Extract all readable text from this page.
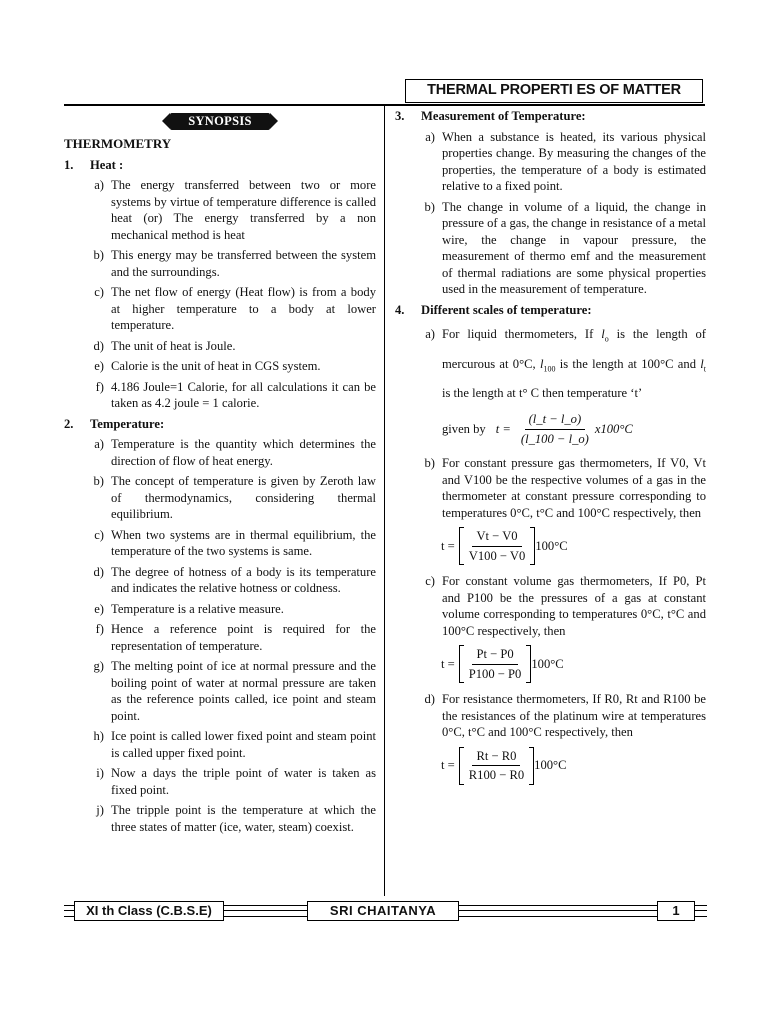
THERMAL PROPERTI ES OF MATTER
SYNOPSIS
THERMOMETRY
1.	Heat :
a) The energy transferred between two or more systems by virtue of temperature difference is called heat (or) The energy transferred by a non mechanical method is heat
b) This energy may be transferred between the system and the surroundings.
c) The net flow of energy (Heat flow) is from a body at higher temperature to a body at lower temperature.
d) The unit of heat is Joule.
e) Calorie is the unit of heat in CGS system.
f) 4.186 Joule=1 Calorie, for all calculations it can be taken as 4.2 joule = 1 calorie.
2.	Temperature:
a) Temperature is the quantity which determines the direction of flow of heat energy.
b) The concept of temperature is given by Zeroth law of thermodynamics, considering thermal equilibrium.
c) When two systems are in thermal equilibrium, the temperature of the two systems is same.
d) The degree of hotness of a body is its temperature and indicates the relative hotness or coldness.
e) Temperature is a relative measure.
f) Hence a reference point is required for the representation of temperature.
g) The melting point of ice at normal pressure and the boiling point of water at normal pressure are taken as the reference points called, ice point and steam point.
h) Ice point is called lower fixed point and steam point is called upper fixed point.
i) Now a days the triple point of water is taken as fixed point.
j) The tripple point is the temperature at which the three states of matter (ice, water, steam) coexist.
3.	Measurement of Temperature:
a) When a substance is heated, its various physical properties change. By measuring the changes of the properties, the temperature of a body is estimated relative to a fixed point.
b) The change in volume of a liquid, the change in pressure of a gas, the change in resistance of a metal wire, the change in vapour pressure, the measurement of thermo emf and the measurement of thermal radiations are some physical properties used in the measurement of temperature.
4.	Different scales of temperature:
a) For liquid thermometers, If $l_o$ is the length of mercurous at 0°C, $l_{100}$ is the length at 100°C and $l_t$ is the length at t° C then temperature ‘t’
given by $t = \frac{(l\_t - l\_o)}{(l\_100 - l\_o)} x100^\circ C$
b) For constant pressure gas thermometers, If V0, Vt and V100 be the respective volumes of a gas in the thermometer at constant pressure corresponding to temperatures 0°C, t°C and 100°C respectively, then
$t = \frac{Vt - V0}{V100 - V0} 100^\circ C$
c) For constant volume gas thermometers, If P0, Pt and P100 be the pressures of a gas at constant volume corresponding to temperatures 0°C, t°C and 100°C respectively, then
$t = \frac{Pt - P0}{P100 - P0} 100^\circ C$
d) For resistance thermometers, If R0, Rt and R100 be the resistances of the platinum wire at temperatures 0°C, t°C and 100°C respectively, then
$t = \frac{Rt - R0}{R100 - R0} 100^\circ C$
XI th Class (C.B.S.E)	SRI CHAITANYA	1
